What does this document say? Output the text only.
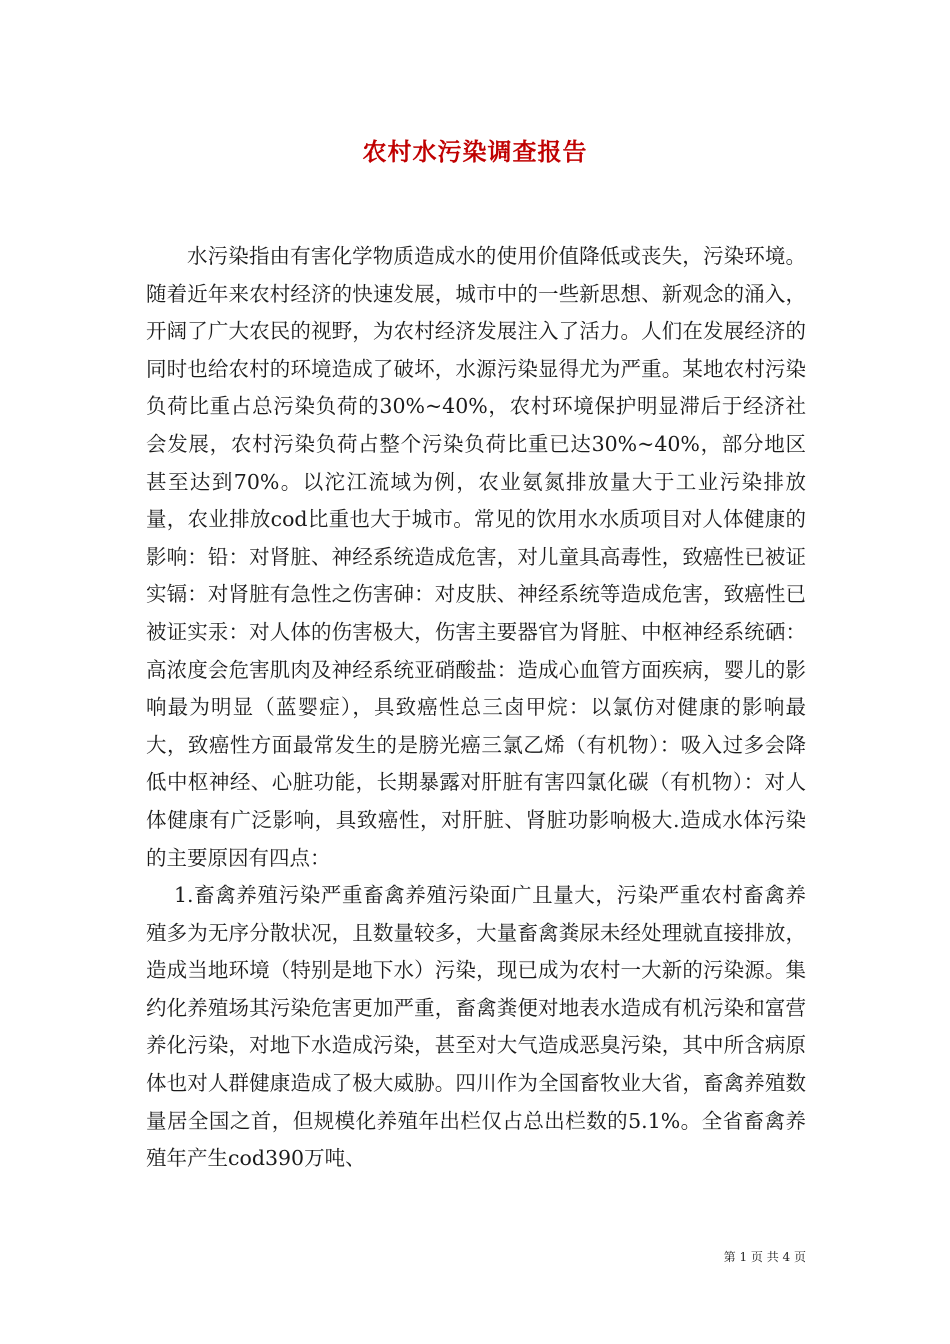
农村水污染调查报告

水污染指由有害化学物质造成水的使用价值降低或丧失，污染环境。随着近年来农村经济的快速发展，城市中的一些新思想、新观念的涌入，开阔了广大农民的视野，为农村经济发展注入了活力。人们在发展经济的同时也给农村的环境造成了破坏，水源污染显得尤为严重。某地农村污染负荷比重占总污染负荷的30%~40%，农村环境保护明显滞后于经济社会发展，农村污染负荷占整个污染负荷比重已达30%~40%，部分地区甚至达到70%。以沱江流域为例，农业氨氮排放量大于工业污染排放量，农业排放cod比重也大于城市。常见的饮用水水质项目对人体健康的影响：铅：对肾脏、神经系统造成危害，对儿童具高毒性，致癌性已被证实镉：对肾脏有急性之伤害砷：对皮肤、神经系统等造成危害，致癌性已被证实汞：对人体的伤害极大，伤害主要器官为肾脏、中枢神经系统硒：高浓度会危害肌肉及神经系统亚硝酸盐：造成心血管方面疾病，婴儿的影响最为明显（蓝婴症），具致癌性总三卤甲烷：以氯仿对健康的影响最大，致癌性方面最常发生的是膀光癌三氯乙烯（有机物）：吸入过多会降低中枢神经、心脏功能，长期暴露对肝脏有害四氯化碳（有机物）：对人体健康有广泛影响，具致癌性，对肝脏、肾脏功影响极大.造成水体污染的主要原因有四点：

1.畜禽养殖污染严重畜禽养殖污染面广且量大，污染严重农村畜禽养殖多为无序分散状况，且数量较多，大量畜禽粪尿未经处理就直接排放，造成当地环境（特别是地下水）污染，现已成为农村一大新的污染源。集约化养殖场其污染危害更加严重，畜禽粪便对地表水造成有机污染和富营养化污染，对地下水造成污染，甚至对大气造成恶臭污染，其中所含病原体也对人群健康造成了极大威胁。四川作为全国畜牧业大省，畜禽养殖数量居全国之首，但规模化养殖年出栏仅占总出栏数的5.1%。全省畜禽养殖年产生cod390万吨、

第 1 页 共 4 页
